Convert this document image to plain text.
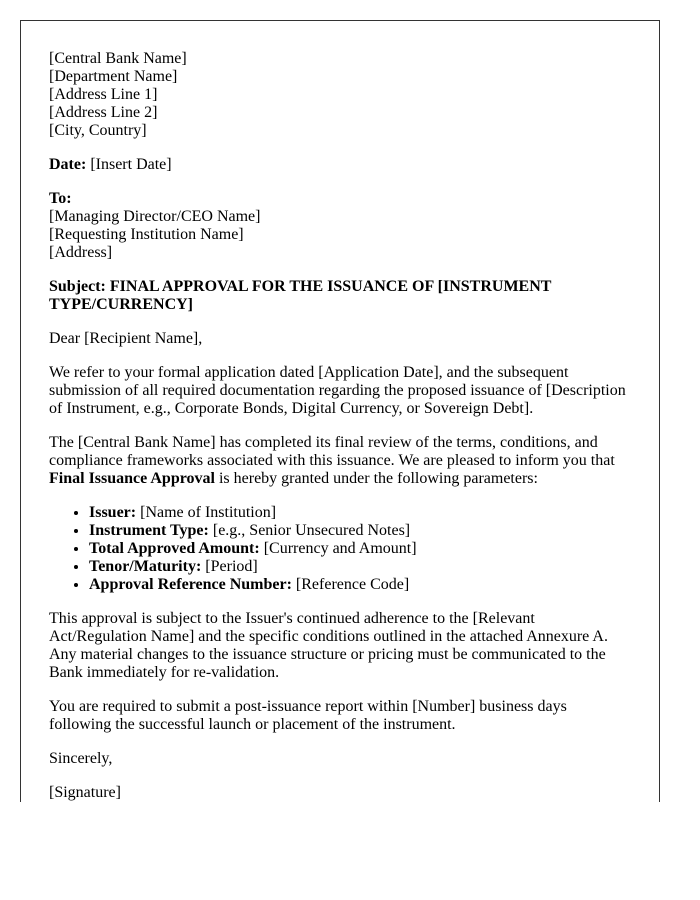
[Central Bank Name]
[Department Name]
[Address Line 1]
[Address Line 2]
[City, Country]

Date: [Insert Date]

To:
[Managing Director/CEO Name]
[Requesting Institution Name]
[Address]

Subject: FINAL APPROVAL FOR THE ISSUANCE OF [INSTRUMENT TYPE/CURRENCY]

Dear [Recipient Name],

We refer to your formal application dated [Application Date], and the subsequent submission of all required documentation regarding the proposed issuance of [Description of Instrument, e.g., Corporate Bonds, Digital Currency, or Sovereign Debt].

The [Central Bank Name] has completed its final review of the terms, conditions, and compliance frameworks associated with this issuance. We are pleased to inform you that Final Issuance Approval is hereby granted under the following parameters:

• Issuer: [Name of Institution]
• Instrument Type: [e.g., Senior Unsecured Notes]
• Total Approved Amount: [Currency and Amount]
• Tenor/Maturity: [Period]
• Approval Reference Number: [Reference Code]

This approval is subject to the Issuer's continued adherence to the [Relevant Act/Regulation Name] and the specific conditions outlined in the attached Annexure A. Any material changes to the issuance structure or pricing must be communicated to the Bank immediately for re-validation.

You are required to submit a post-issuance report within [Number] business days following the successful launch or placement of the instrument.

Sincerely,

[Signature]
